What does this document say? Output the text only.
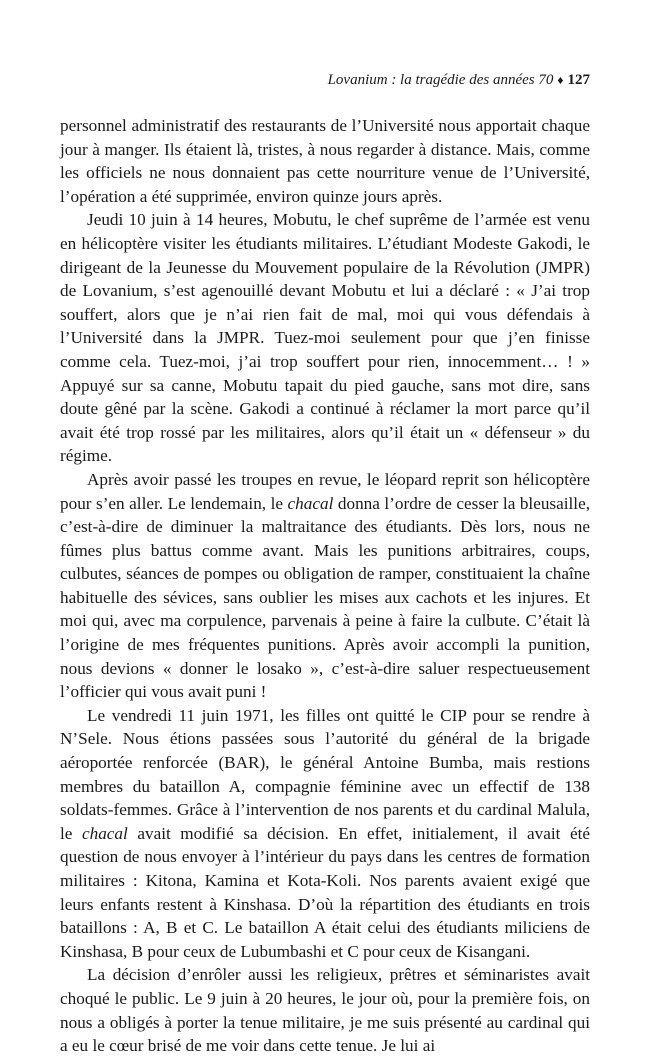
Lovanium : la tragédie des années 70 ♦ 127

personnel administratif des restaurants de l’Université nous apportait chaque jour à manger. Ils étaient là, tristes, à nous regarder à distance. Mais, comme les officiels ne nous donnaient pas cette nourriture venue de l’Université, l’opération a été supprimée, environ quinze jours après.

Jeudi 10 juin à 14 heures, Mobutu, le chef suprême de l’armée est venu en hélicoptère visiter les étudiants militaires. L’étudiant Modeste Gakodi, le dirigeant de la Jeunesse du Mouvement populaire de la Révolution (JMPR) de Lovanium, s’est agenouillé devant Mobutu et lui a déclaré : « J’ai trop souffert, alors que je n’ai rien fait de mal, moi qui vous défendais à l’Université dans la JMPR. Tuez-moi seulement pour que j’en finisse comme cela. Tuez-moi, j’ai trop souffert pour rien, innocemment… ! » Appuyé sur sa canne, Mobutu tapait du pied gauche, sans mot dire, sans doute gêné par la scène. Gakodi a continué à réclamer la mort parce qu’il avait été trop rossé par les militaires, alors qu’il était un « défenseur » du régime.

Après avoir passé les troupes en revue, le léopard reprit son hélicoptère pour s’en aller. Le lendemain, le chacal donna l’ordre de cesser la bleusaille, c’est-à-dire de diminuer la maltraitance des étudiants. Dès lors, nous ne fûmes plus battus comme avant. Mais les punitions arbitraires, coups, culbutes, séances de pompes ou obligation de ramper, constituaient la chaîne habituelle des sévices, sans oublier les mises aux cachots et les injures. Et moi qui, avec ma corpulence, parvenais à peine à faire la culbute. C’était là l’origine de mes fréquentes punitions. Après avoir accompli la punition, nous devions « donner le losako », c’est-à-dire saluer respectueusement l’officier qui vous avait puni !

Le vendredi 11 juin 1971, les filles ont quitté le CIP pour se rendre à N’Sele. Nous étions passées sous l’autorité du général de la brigade aéroportée renforcée (BAR), le général Antoine Bumba, mais restions membres du bataillon A, compagnie féminine avec un effectif de 138 soldats-femmes. Grâce à l’intervention de nos parents et du cardinal Malula, le chacal avait modifié sa décision. En effet, initialement, il avait été question de nous envoyer à l’intérieur du pays dans les centres de formation militaires : Kitona, Kamina et Kota-Koli. Nos parents avaient exigé que leurs enfants restent à Kinshasa. D’où la répartition des étudiants en trois bataillons : A, B et C. Le bataillon A était celui des étudiants miliciens de Kinshasa, B pour ceux de Lubumbashi et C pour ceux de Kisangani.

La décision d’enrôler aussi les religieux, prêtres et séminaristes avait choqué le public. Le 9 juin à 20 heures, le jour où, pour la première fois, on nous a obligés à porter la tenue militaire, je me suis présenté au cardinal qui a eu le cœur brisé de me voir dans cette tenue. Je lui ai
